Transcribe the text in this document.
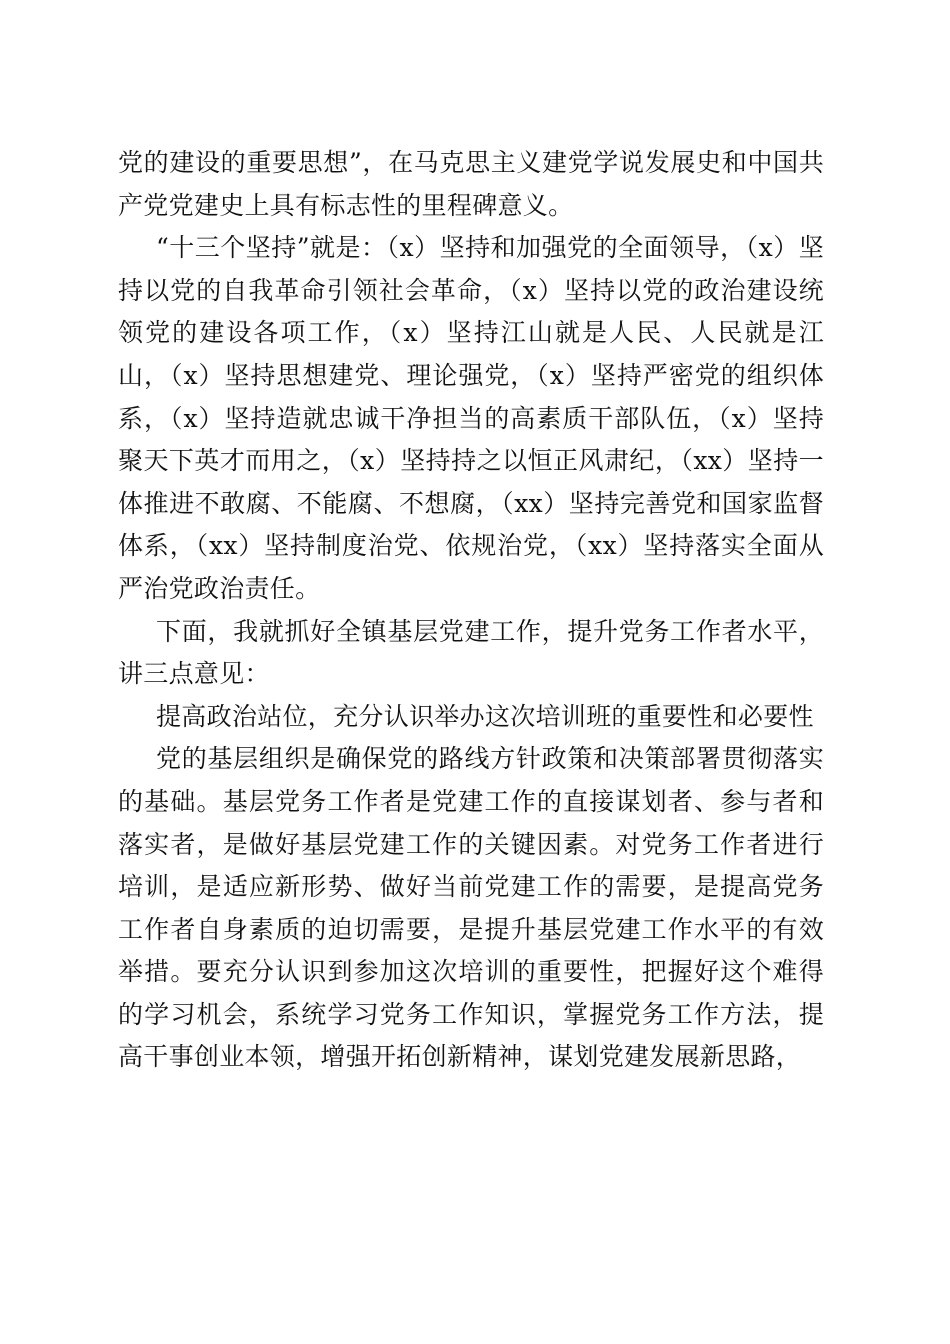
党的建设的重要思想”，在马克思主义建党学说发展史和中国共产党党建史上具有标志性的里程碑意义。

“十三个坚持”就是：（x）坚持和加强党的全面领导，（x）坚持以党的自我革命引领社会革命，（x）坚持以党的政治建设统领党的建设各项工作，（x）坚持江山就是人民、人民就是江山，（x）坚持思想建党、理论强党，（x）坚持严密党的组织体系，（x）坚持造就忠诚干净担当的高素质干部队伍，（x）坚持聚天下英才而用之，（x）坚持持之以恒正风肃纪，（xx）坚持一体推进不敢腐、不能腐、不想腐，（xx）坚持完善党和国家监督体系，（xx）坚持制度治党、依规治党，（xx）坚持落实全面从严治党政治责任。

下面，我就抓好全镇基层党建工作，提升党务工作者水平，讲三点意见：

提高政治站位，充分认识举办这次培训班的重要性和必要性

党的基层组织是确保党的路线方针政策和决策部署贯彻落实的基础。基层党务工作者是党建工作的直接谋划者、参与者和落实者，是做好基层党建工作的关键因素。对党务工作者进行培训，是适应新形势、做好当前党建工作的需要，是提高党务工作者自身素质的迫切需要，是提升基层党建工作水平的有效举措。要充分认识到参加这次培训的重要性，把握好这个难得的学习机会，系统学习党务工作知识，掌握党务工作方法，提高干事创业本领，增强开拓创新精神，谋划党建发展新思路，
